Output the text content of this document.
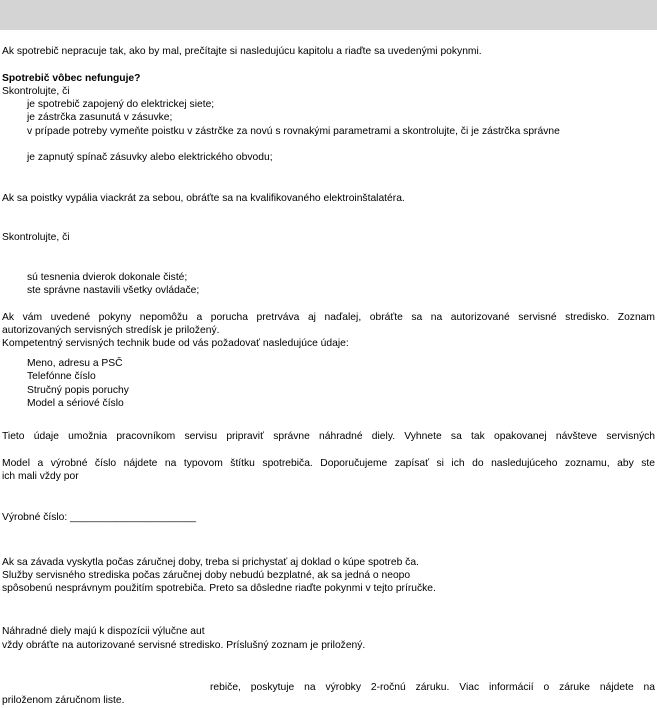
Ak spotrebič nepracuje tak, ako by mal, prečítajte si nasledujúcu kapitolu a riaďte sa uvedenými pokynmi.
Spotrebič vôbec nefunguje?
Skontrolujte, či
je spotrebič zapojený do elektrickej siete;
je zástrčka zasunutá v zásuvke;
v prípade potreby vymeňte poistku v zástrčke za novú s rovnakými parametrami a skontrolujte, či je zástrčka správne
je zapnutý spínač zásuvky alebo elektrického obvodu;
Ak sa poistky vypália viackrát za sebou, obráťte sa na kvalifikovaného elektroinštalatéra.
Skontrolujte, či
sú tesnenia dvierok dokonale čisté;
ste správne nastavili všetky ovládače;
Ak vám uvedené pokyny nepomôžu a porucha pretrváva aj naďalej, obráťte sa na autorizované servisné stredisko. Zoznam
autorizovaných servisných stredísk je priložený.
Kompetentný servisných technik bude od vás požadovať nasledujúce údaje:
Meno, adresu a PSČ
Telefónne číslo
Stručný popis poruchy
Model a sériové číslo
Tieto údaje umožnia pracovníkom servisu pripraviť správne náhradné diely. Vyhnete sa tak opakovanej návšteve servisných
Model a výrobné číslo nájdete na typovom štítku spotrebiča. Doporučujeme zapísať si ich do nasledujúceho zoznamu, aby ste
ich mali vždy por
Výrobné číslo: ______________________
Ak sa závada vyskytla počas záručnej doby, treba si prichystať aj doklad o kúpe spotreb ča.
Služby servisného strediska počas záručnej doby nebudú bezplatné, ak sa jedná o neopo
spôsobenú nesprávnym použitím spotrebiča. Preto sa dôsledne riaďte pokynmi v tejto príručke.
Náhradné diely majú k dispozícii výlučne aut
vždy obráťte na autorizované servisné stredisko. Príslušný zoznam je priložený.
rebiče, poskytuje na výrobky 2-ročnú záruku. Viac informácií o záruke nájdete na
priloženom záručnom liste.
